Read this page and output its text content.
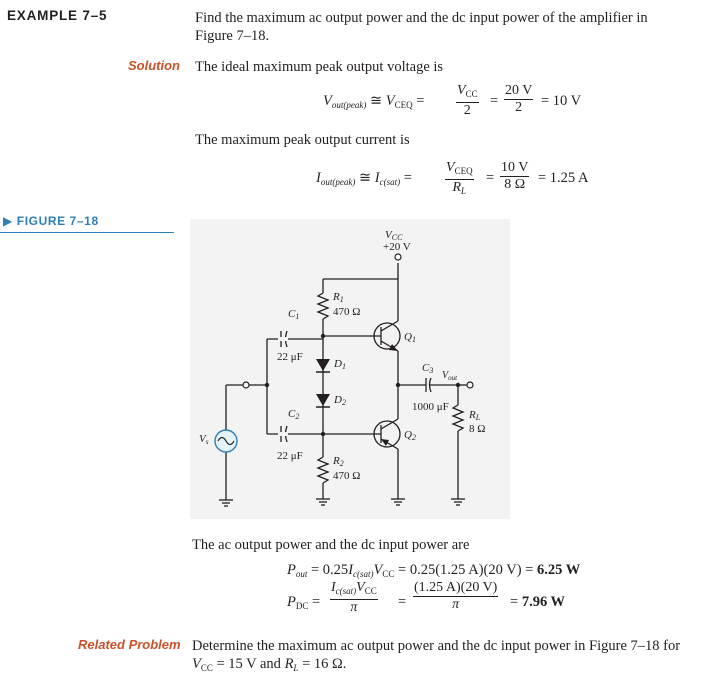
EXAMPLE 7–5	Find the maximum ac output power and the dc input power of the amplifier in
Figure 7–18.
Solution The ideal maximum peak output voltage is
$V_{out(peak)}$ ≅ $V_{CEQ}$ =
$V_{CC}$
2
=
20 V
2 = 10 V
The maximum peak output current is
$I_{out(peak)}$ ≅ $I_{c(sat)}$ =
$V_{CEQ}$
$R_L$
=
10 V
8 Ω = 1.25 A
▶ FIGURE 7–18
VCC
+20 V
R1
470 Ω
C1
22 μF
C2
22 μF
D1
D2
Q1
Q2
C3
1000 μF
$V_{out}$
RL
8 Ω
R2
470 Ω
Vs
The ac output power and the dc input power are
$P_{out} = 0.25I_{c(sat)}V_{CC} = 0.25(1.25$ A)(20 V) = 6.25 W
$P_{DC}$ =
$I_{c(sat)}V_{CC}$
π	=
(1.25 A)(20 V)
π	= 7.96 W
Related Problem Determine the maximum ac output power and the dc input power in Figure 7–18 for
$V_{CC} = 15$ V and $R_L = 16$ Ω.
